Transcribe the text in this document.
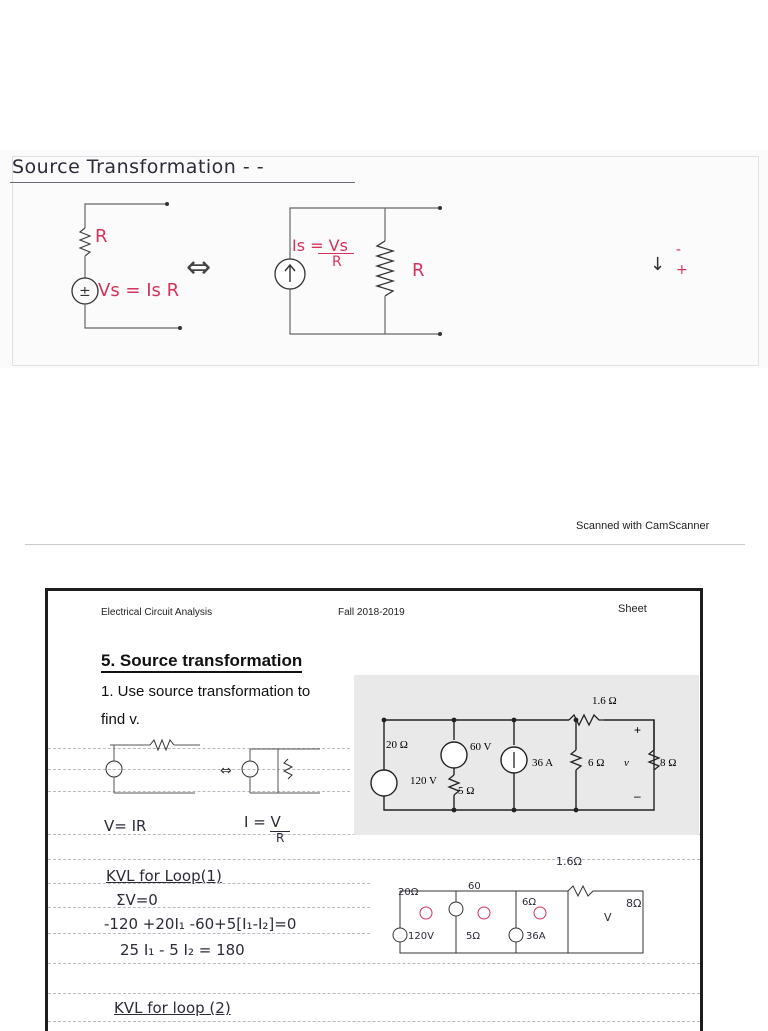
Source Transformation - -
±
R
Vs = Is R
⇔
Is = Vs
R	R	↓
-
+
Scanned with CamScanner
Electrical Circuit Analysis	Fall 2018-2019	Sheet
5. Source transformation
1. Use source transformation to
find v.
⇔
V= IR	I = V
R
20 Ω
120 V
60 V
5 Ω
36 A	6 Ω
1.6 Ω
8 Ω
v
+
–
KVL for Loop(1)
ΣV=0
-120 +20I₁ -60+5[I₁-I₂]=0
25 I₁ - 5 I₂ = 180
KVL for loop (2)
20Ω
60
6Ω
1.6Ω
8Ω
120V	5Ω	36A
V
